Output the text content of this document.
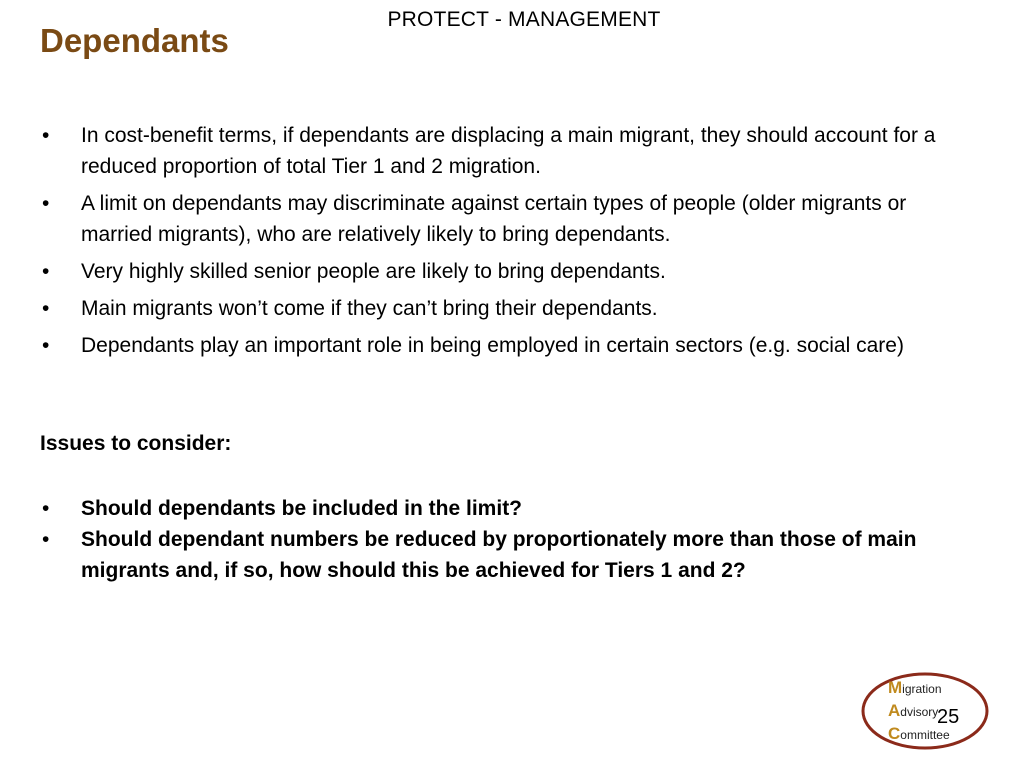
PROTECT - MANAGEMENT
Dependants
• In cost-benefit terms, if dependants are displacing a main migrant, they should account for a reduced proportion of total Tier 1 and 2 migration.
• A limit on dependants may discriminate against certain types of people (older migrants or married migrants), who are relatively likely to bring dependants.
• Very highly skilled senior people are likely to bring dependants.
• Main migrants won’t come if they can’t bring their dependants.
• Dependants play an important role in being employed in certain sectors (e.g. social care)
Issues to consider:
• Should dependants be included in the limit?
• Should dependant numbers be reduced by proportionately more than those of main migrants and, if so, how should this be achieved for Tiers 1 and 2?
Migration
Advisory
Committee
25
